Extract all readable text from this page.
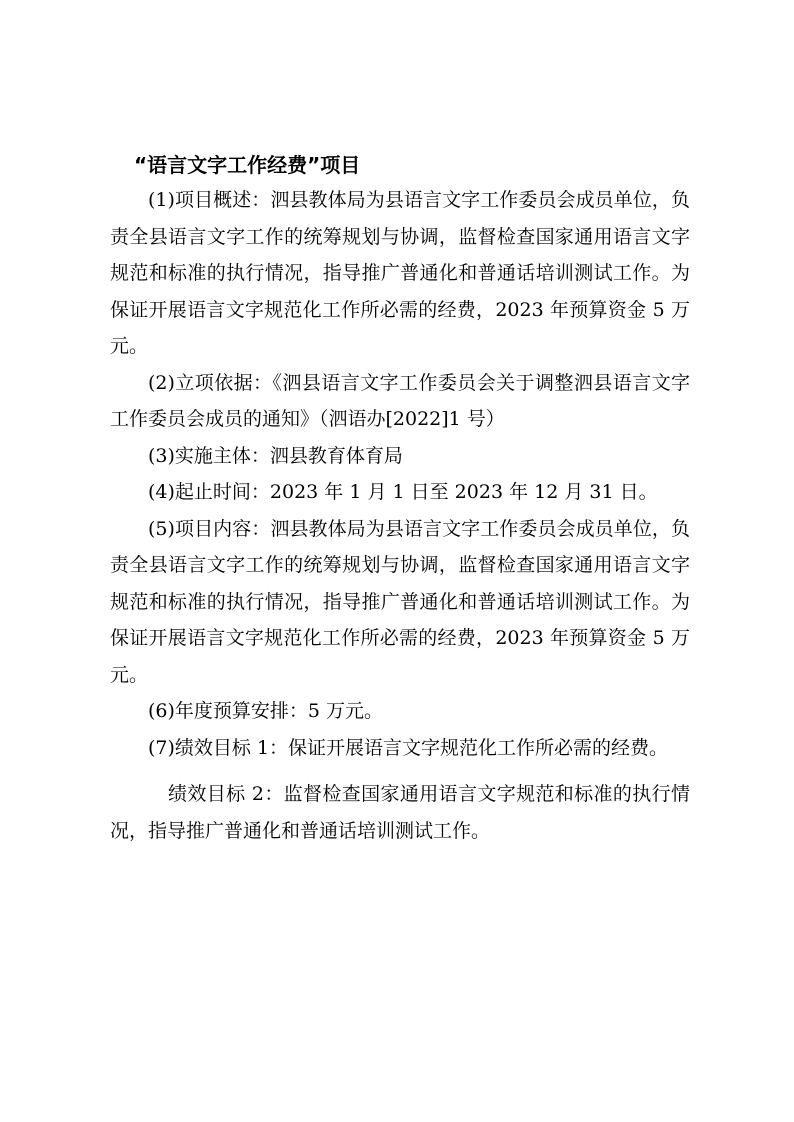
“语言文字工作经费”项目

(1)项目概述：泗县教体局为县语言文字工作委员会成员单位，负责全县语言文字工作的统筹规划与协调，监督检查国家通用语言文字规范和标准的执行情况，指导推广普通化和普通话培训测试工作。为保证开展语言文字规范化工作所必需的经费，2023 年预算资金 5 万元。

(2)立项依据：《泗县语言文字工作委员会关于调整泗县语言文字工作委员会成员的通知》（泗语办[2022]1 号）

(3)实施主体：泗县教育体育局

(4)起止时间：2023 年 1 月 1 日至 2023 年 12 月 31 日。

(5)项目内容：泗县教体局为县语言文字工作委员会成员单位，负责全县语言文字工作的统筹规划与协调，监督检查国家通用语言文字规范和标准的执行情况，指导推广普通化和普通话培训测试工作。为保证开展语言文字规范化工作所必需的经费，2023 年预算资金 5 万元。

(6)年度预算安排：5 万元。

(7)绩效目标 1：保证开展语言文字规范化工作所必需的经费。

绩效目标 2：监督检查国家通用语言文字规范和标准的执行情况，指导推广普通化和普通话培训测试工作。
